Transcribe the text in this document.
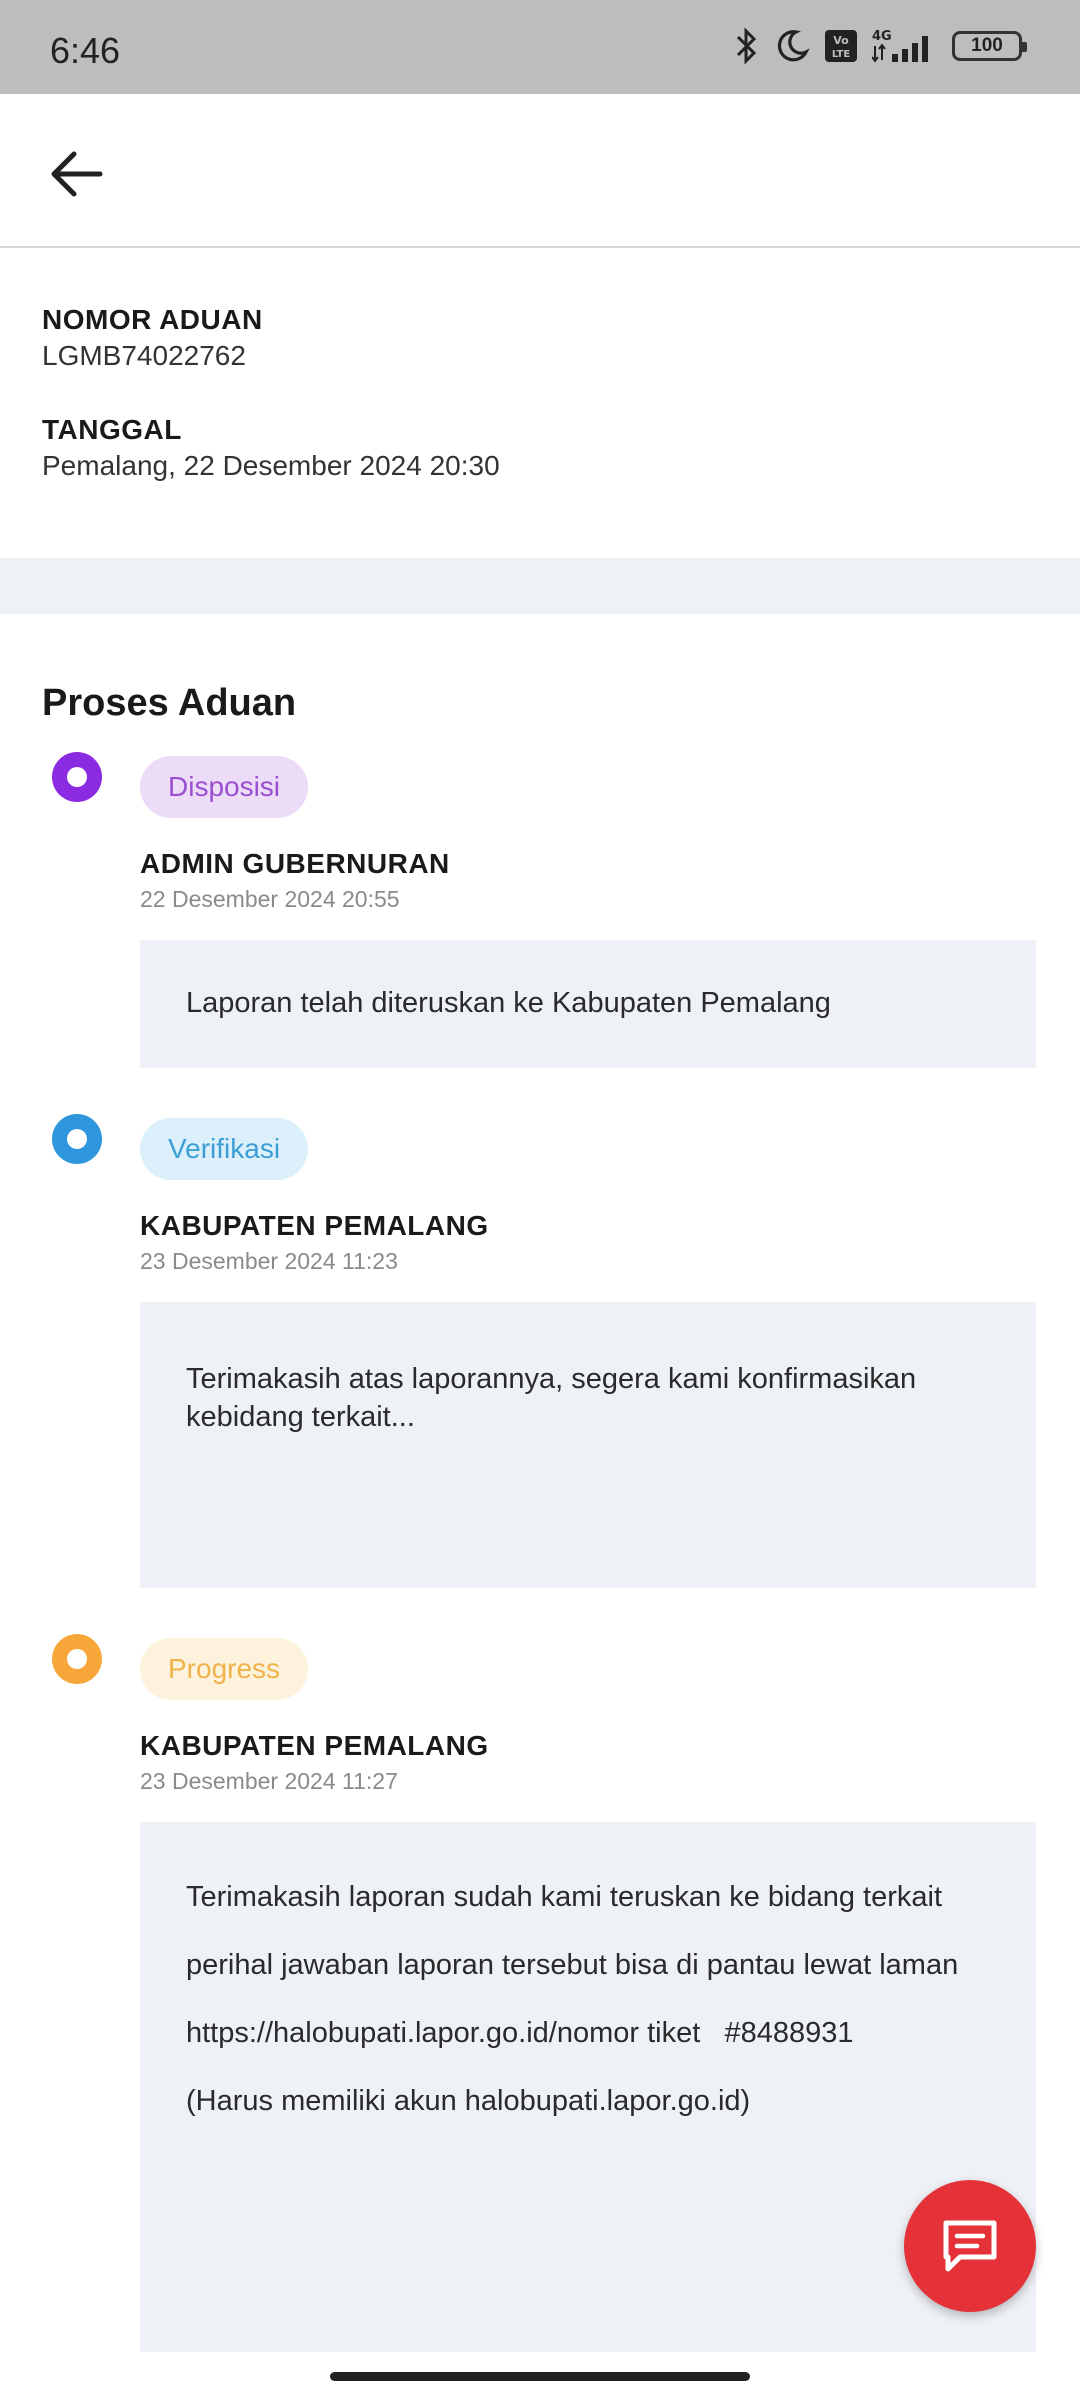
6:46	Vo
LTE
4G	100
NOMOR ADUAN
LGMB74022762
TANGGAL
Pemalang, 22 Desember 2024 20:30
Proses Aduan
Disposisi
ADMIN GUBERNURAN
22 Desember 2024 20:55

Laporan telah diteruskan ke Kabupaten Pemalang

Verifikasi
KABUPATEN PEMALANG
23 Desember 2024 11:23

Terimakasih atas laporannya, segera kami konfirmasikan kebidang terkait...

Progress
KABUPATEN PEMALANG
23 Desember 2024 11:27

Terimakasih laporan sudah kami teruskan ke bidang terkait

perihal jawaban laporan tersebut bisa di pantau lewat laman

https://halobupati.lapor.go.id/nomor tiket   #8488931

(Harus memiliki akun halobupati.lapor.go.id)
